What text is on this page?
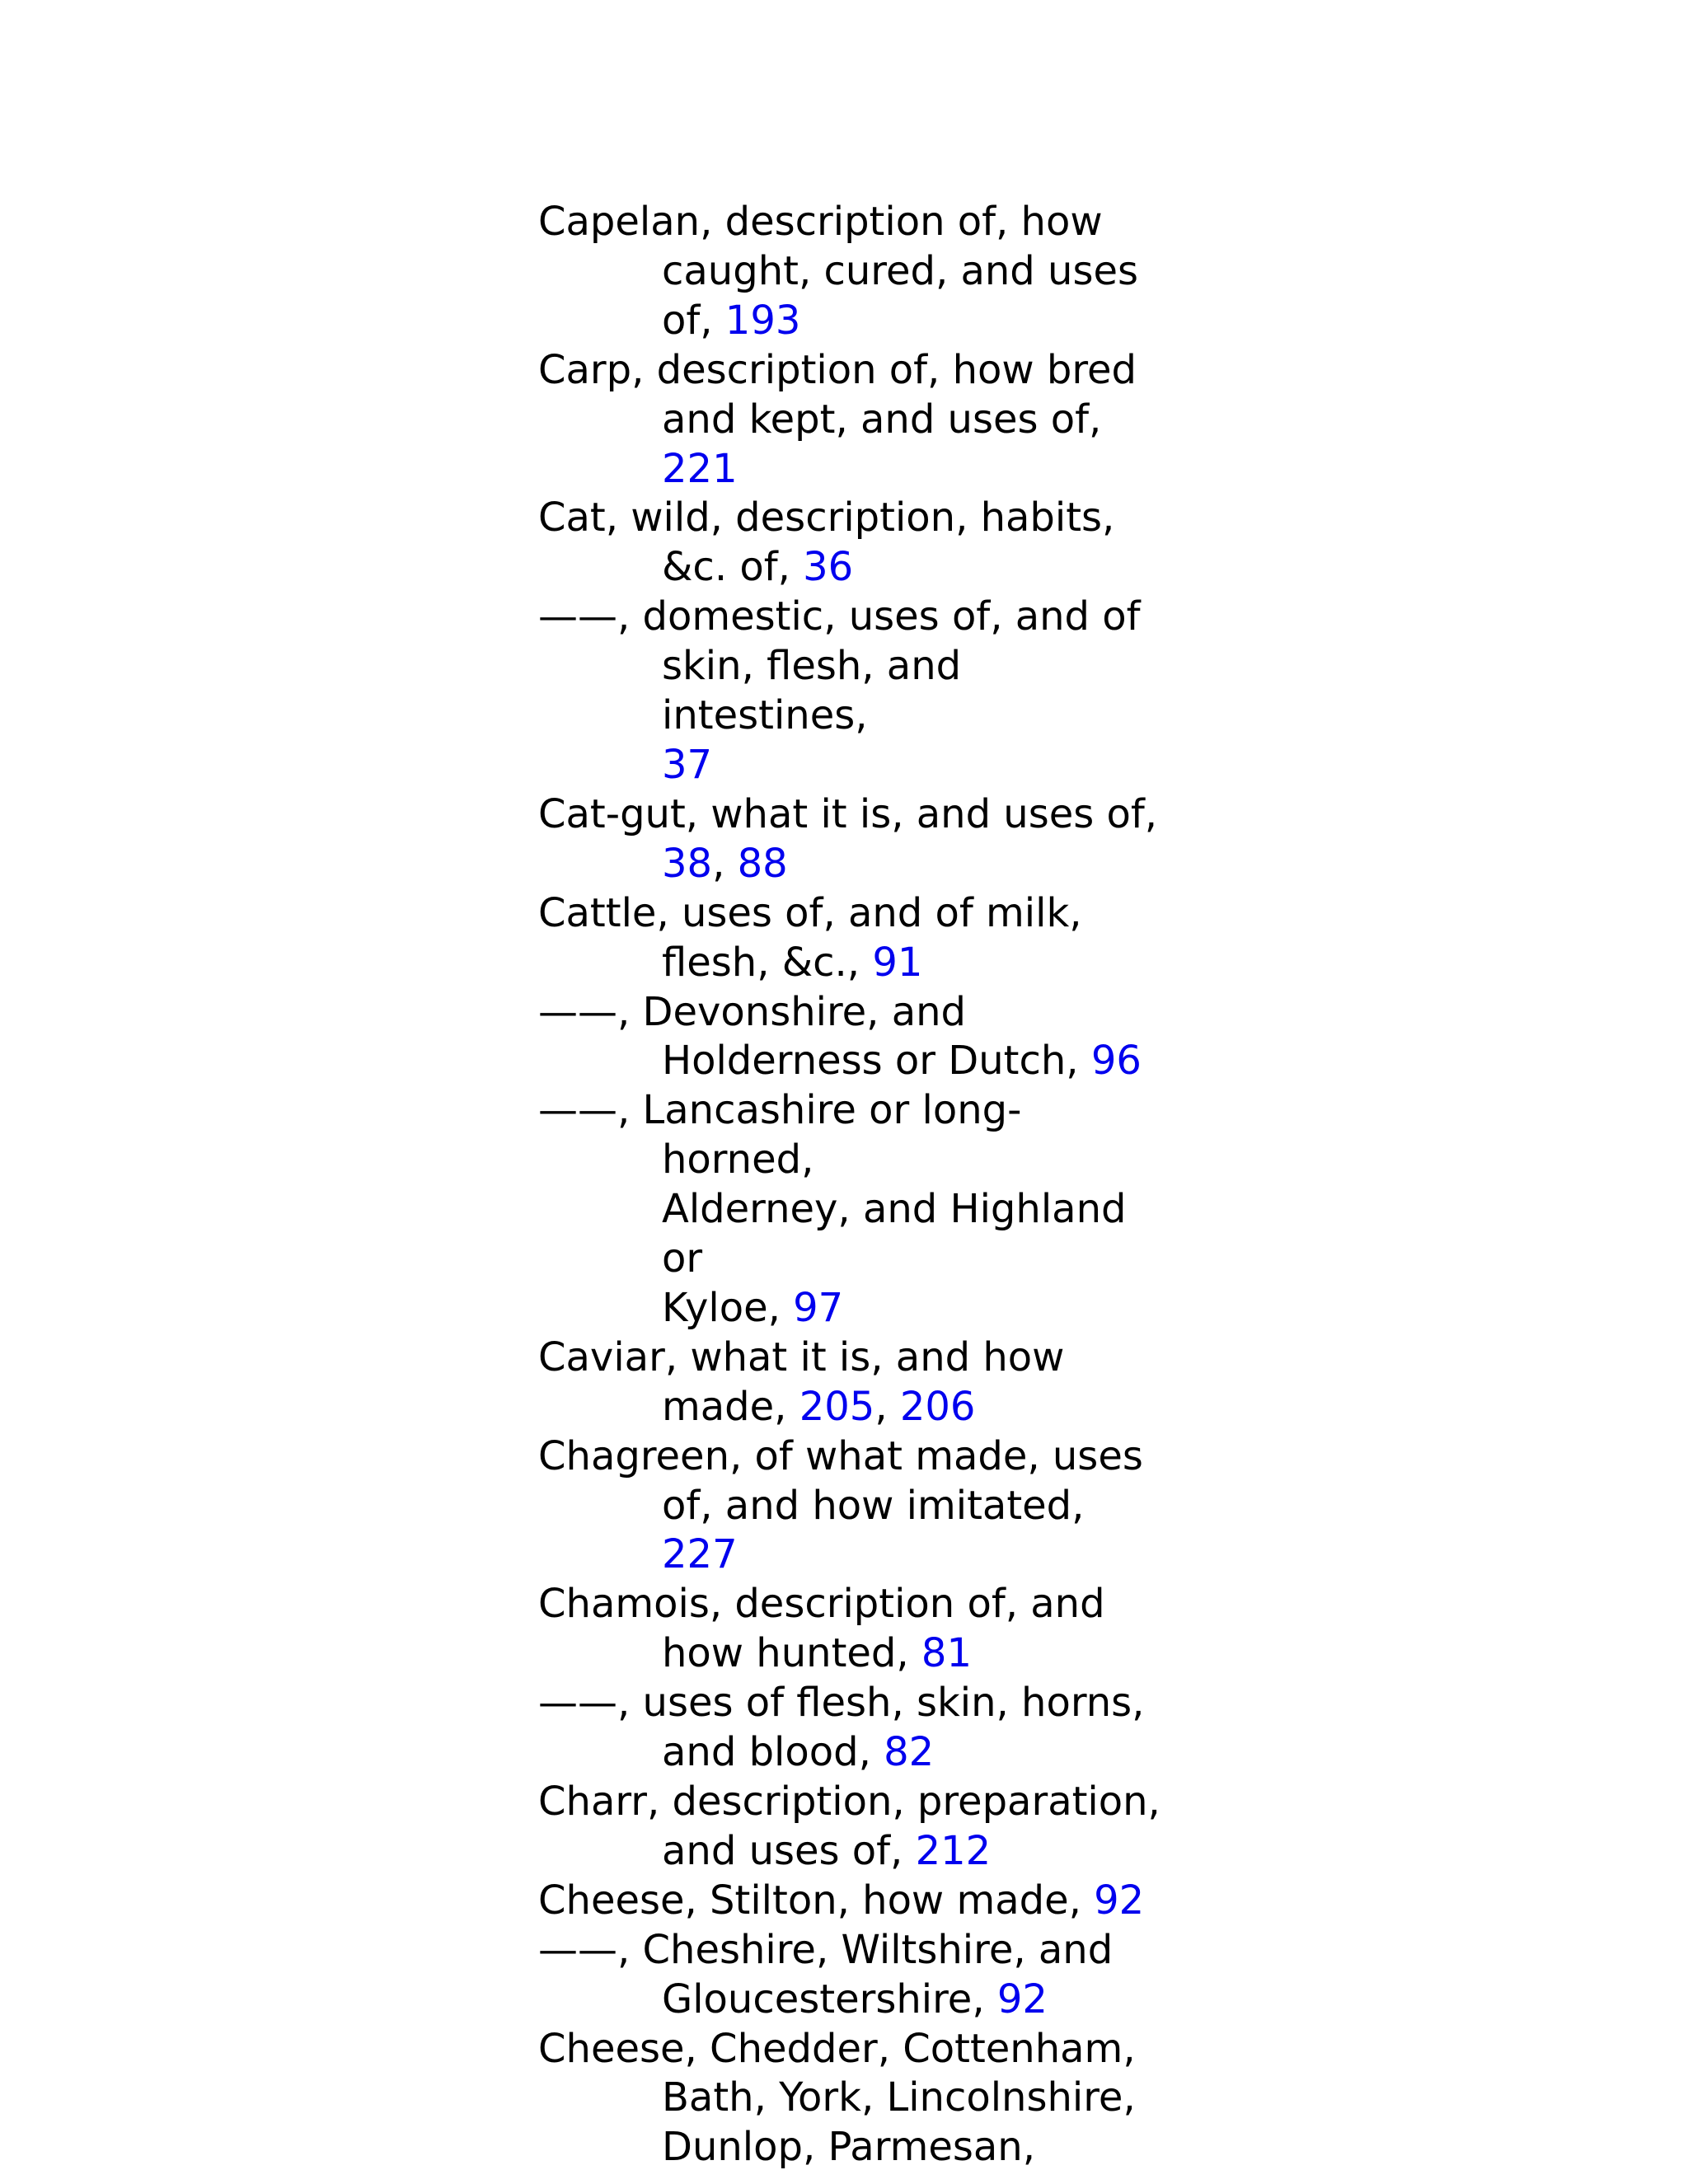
Capelan, description of, how
caught, cured, and uses
of, 193

Carp, description of, how bred
and kept, and uses of,
221

Cat, wild, description, habits,
&c. of, 36

——, domestic, uses of, and of
skin, flesh, and intestines,
37

Cat-gut, what it is, and uses of,
38, 88

Cattle, uses of, and of milk,
flesh, &c., 91

——, Devonshire, and
Holderness or Dutch, 96

——, Lancashire or long-horned,
Alderney, and Highland or
Kyloe, 97

Caviar, what it is, and how
made, 205, 206

Chagreen, of what made, uses
of, and how imitated, 227

Chamois, description of, and
how hunted, 81

——, uses of flesh, skin, horns,
and blood, 82

Charr, description, preparation,
and uses of, 212

Cheese, Stilton, how made, 92

——, Cheshire, Wiltshire, and
Gloucestershire, 92

Cheese, Chedder, Cottenham,
Bath, York, Lincolnshire,
Dunlop, Parmesan,
